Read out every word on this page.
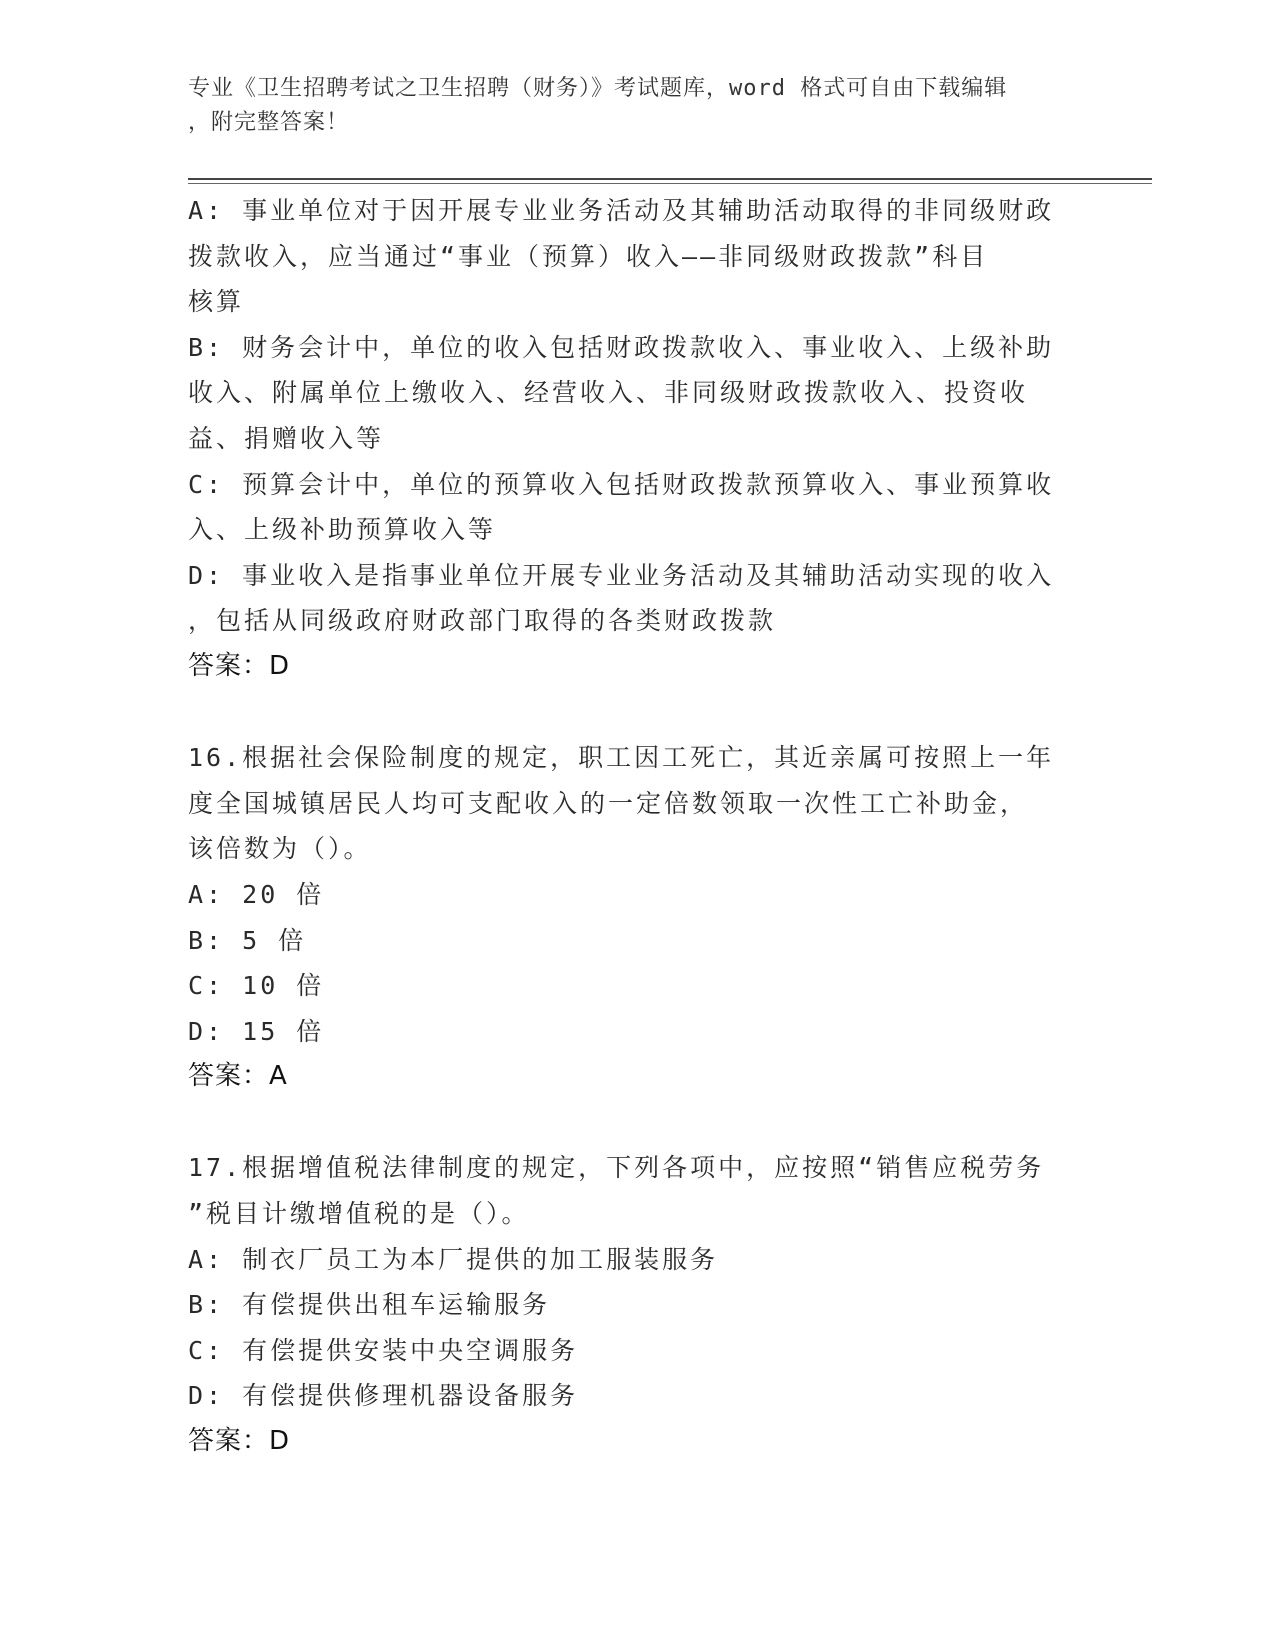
专业《卫生招聘考试之卫生招聘（财务）》考试题库，word 格式可自由下载编辑
，附完整答案！
A: 事业单位对于因开展专业业务活动及其辅助活动取得的非同级财政
拨款收入，应当通过“事业（预算）收入——非同级财政拨款”科目
核算
B: 财务会计中，单位的收入包括财政拨款收入、事业收入、上级补助
收入、附属单位上缴收入、经营收入、非同级财政拨款收入、投资收
益、捐赠收入等
C: 预算会计中，单位的预算收入包括财政拨款预算收入、事业预算收
入、上级补助预算收入等
D: 事业收入是指事业单位开展专业业务活动及其辅助活动实现的收入
，包括从同级政府财政部门取得的各类财政拨款
答案：D
16.根据社会保险制度的规定，职工因工死亡，其近亲属可按照上一年
度全国城镇居民人均可支配收入的一定倍数领取一次性工亡补助金，
该倍数为（）。
A: 20 倍
B: 5 倍
C: 10 倍
D: 15 倍
答案：A
17.根据增值税法律制度的规定，下列各项中，应按照“销售应税劳务
”税目计缴增值税的是（）。
A: 制衣厂员工为本厂提供的加工服装服务
B: 有偿提供出租车运输服务
C: 有偿提供安装中央空调服务
D: 有偿提供修理机器设备服务
答案：D
